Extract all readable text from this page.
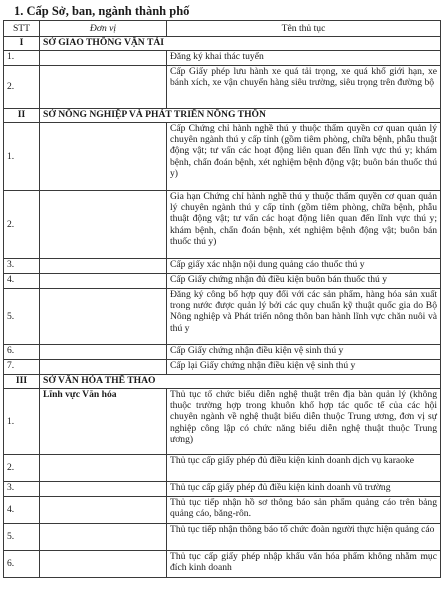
1. Cấp Sở, ban, ngành thành phố
STT	Đơn vị	Tên thủ tục
I	SỞ GIAO THÔNG VẬN TẢI	
1.		Đăng ký khai thác tuyến
2.		Cấp Giấy phép lưu hành xe quá tải trọng, xe quá khổ giới hạn, xe bánh xích, xe vận chuyển hàng siêu trường, siêu trọng trên đường bộ
II	SỞ NÔNG NGHIỆP VÀ PHÁT TRIỂN NÔNG THÔN	
1.		Cấp Chứng chỉ hành nghề thú y thuộc thẩm quyền cơ quan quản lý chuyên ngành thú y cấp tỉnh (gồm tiêm phòng, chữa bệnh, phẫu thuật động vật; tư vấn các hoạt động liên quan đến lĩnh vực thú y; khám bệnh, chẩn đoán bệnh, xét nghiệm bệnh động vật; buôn bán thuốc thú y)
2.		Gia hạn Chứng chỉ hành nghề thú y thuộc thẩm quyền cơ quan quản lý chuyên ngành thú y cấp tỉnh (gồm tiêm phòng, chữa bệnh, phẫu thuật động vật; tư vấn các hoạt động liên quan đến lĩnh vực thú y; khám bệnh, chẩn đoán bệnh, xét nghiệm bệnh động vật; buôn bán thuốc thú y)
3.		Cấp giấy xác nhận nội dung quảng cáo thuốc thú y
4.		Cấp Giấy chứng nhận đủ điều kiện buôn bán thuốc thú y
5.		Đăng ký công bố hợp quy đối với các sản phẩm, hàng hóa sản xuất trong nước được quản lý bởi các quy chuẩn kỹ thuật quốc gia do Bộ Nông nghiệp và Phát triển nông thôn ban hành lĩnh vực chăn nuôi và thú y
6.		Cấp Giấy chứng nhận điều kiện vệ sinh thú y
7.		Cấp lại Giấy chứng nhận điều kiện vệ sinh thú y
III	SỞ VĂN HÓA THỂ THAO	
1.	Lĩnh vực Văn hóa	Thủ tục tổ chức biểu diễn nghệ thuật trên địa bàn quản lý (không thuộc trường hợp trong khuôn khổ hợp tác quốc tế của các hội chuyên ngành về nghệ thuật biểu diễn thuộc Trung ương, đơn vị sự nghiệp công lập có chức năng biểu diễn nghệ thuật thuộc Trung ương)
2.		Thủ tục cấp giấy phép đủ điều kiện kinh doanh dịch vụ karaoke
3.		Thủ tục cấp giấy phép đủ điều kiện kinh doanh vũ trường
4.		Thủ tục tiếp nhận hồ sơ thông báo sản phẩm quảng cáo trên bảng quảng cáo, băng-rôn.
5.		Thủ tục tiếp nhận thông báo tổ chức đoàn người thực hiện quảng cáo
6.		Thủ tục cấp giấy phép nhập khẩu văn hóa phẩm không nhằm mục đích kinh doanh
